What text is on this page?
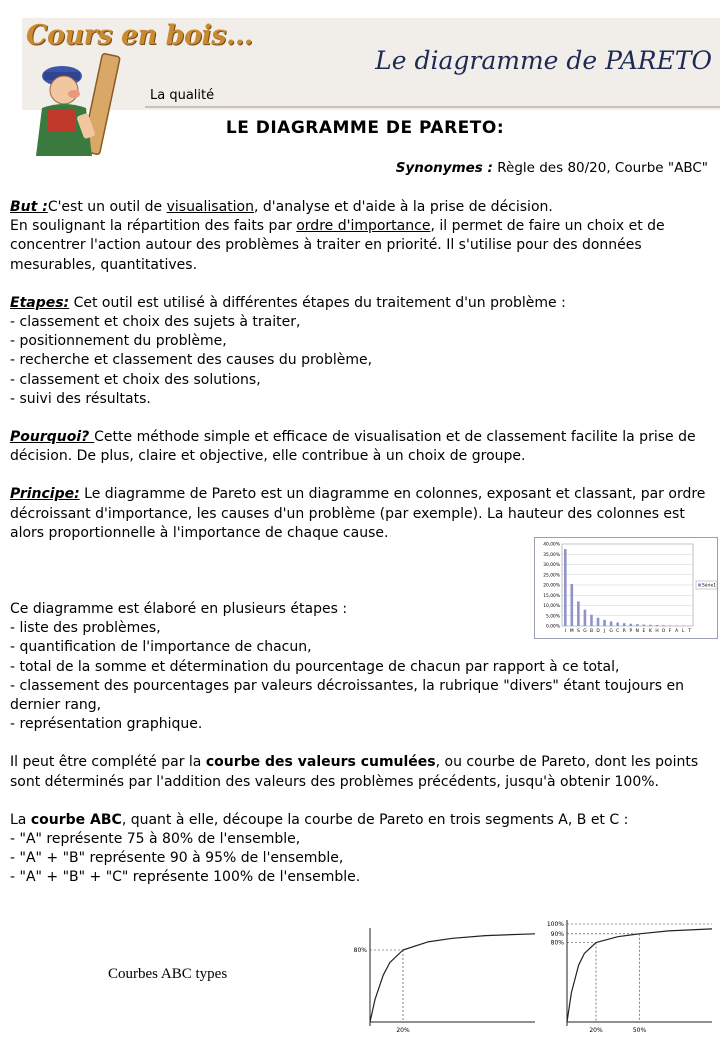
Cours en bois...
Le diagramme de PARETO
La qualité
LE DIAGRAMME DE PARETO:
Synonymes : Règle des 80/20, Courbe "ABC"

But :C'est un outil de visualisation, d'analyse et d'aide à la prise de décision.
En soulignant la répartition des faits par ordre d'importance, il permet de faire un choix et de concentrer l'action autour des problèmes à traiter en priorité. Il s'utilise pour des données mesurables, quantitatives.

Etapes: Cet outil est utilisé à différentes étapes du traitement d'un problème :
- classement et choix des sujets à traiter,
- positionnement du problème,
- recherche et classement des causes du problème,
- classement et choix des solutions,
- suivi des résultats.

Pourquoi? Cette méthode simple et efficace de visualisation et de classement facilite la prise de décision. De plus, claire et objective, elle contribue à un choix de groupe.

Principe: Le diagramme de Pareto est un diagramme en colonnes, exposant et classant, par ordre décroissant d'importance, les causes d'un problème (par exemple). La hauteur des colonnes est alors proportionnelle à l'importance de chaque cause.

Ce diagramme est élaboré en plusieurs étapes :
- liste des problèmes,
- quantification de l'importance de chacun,
- total de la somme et détermination du pourcentage de chacun par rapport à ce total,
- classement des pourcentages par valeurs décroissantes, la rubrique "divers" étant toujours en dernier rang,
- représentation graphique.

Il peut être complété par la courbe des valeurs cumulées, ou courbe de Pareto, dont les points sont déterminés par l'addition des valeurs des problèmes précédents, jusqu'à obtenir 100%.

La courbe ABC, quant à elle, découpe la courbe de Pareto en trois segments A, B et C :
- "A" représente 75 à 80% de l'ensemble,
- "A" + "B" représente 90 à 95% de l'ensemble,
- "A" + "B" + "C" représente 100% de l'ensemble.

0,00%
5,00%
10,00%
15,00%
20,00%
25,00%
30,00%
35,00%
40,00%
I M S G B D J G C R P N E K H O F A L T
Série1
Courbes ABC types
80%
20%
100%
90%
80%
20%	50%
